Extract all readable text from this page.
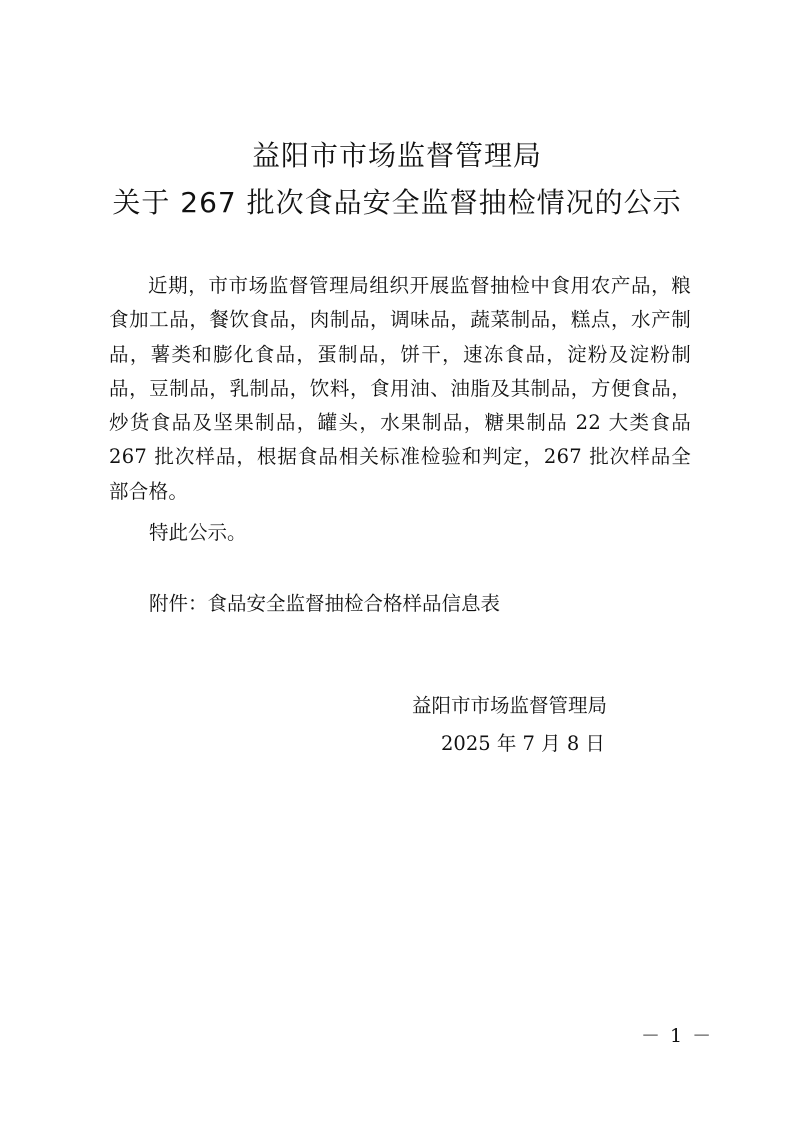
益阳市市场监督管理局
关于 267 批次食品安全监督抽检情况的公示

近期，市市场监督管理局组织开展监督抽检中食用农产品，粮食加工品，餐饮食品，肉制品，调味品，蔬菜制品，糕点，水产制品，薯类和膨化食品，蛋制品，饼干，速冻食品，淀粉及淀粉制品，豆制品，乳制品，饮料，食用油、油脂及其制品，方便食品，炒货食品及坚果制品，罐头，水果制品，糖果制品 22 大类食品 267 批次样品，根据食品相关标准检验和判定，267 批次样品全部合格。

特此公示。
附件：食品安全监督抽检合格样品信息表
益阳市市场监督管理局
2025 年 7 月 8 日
－ 1 －
